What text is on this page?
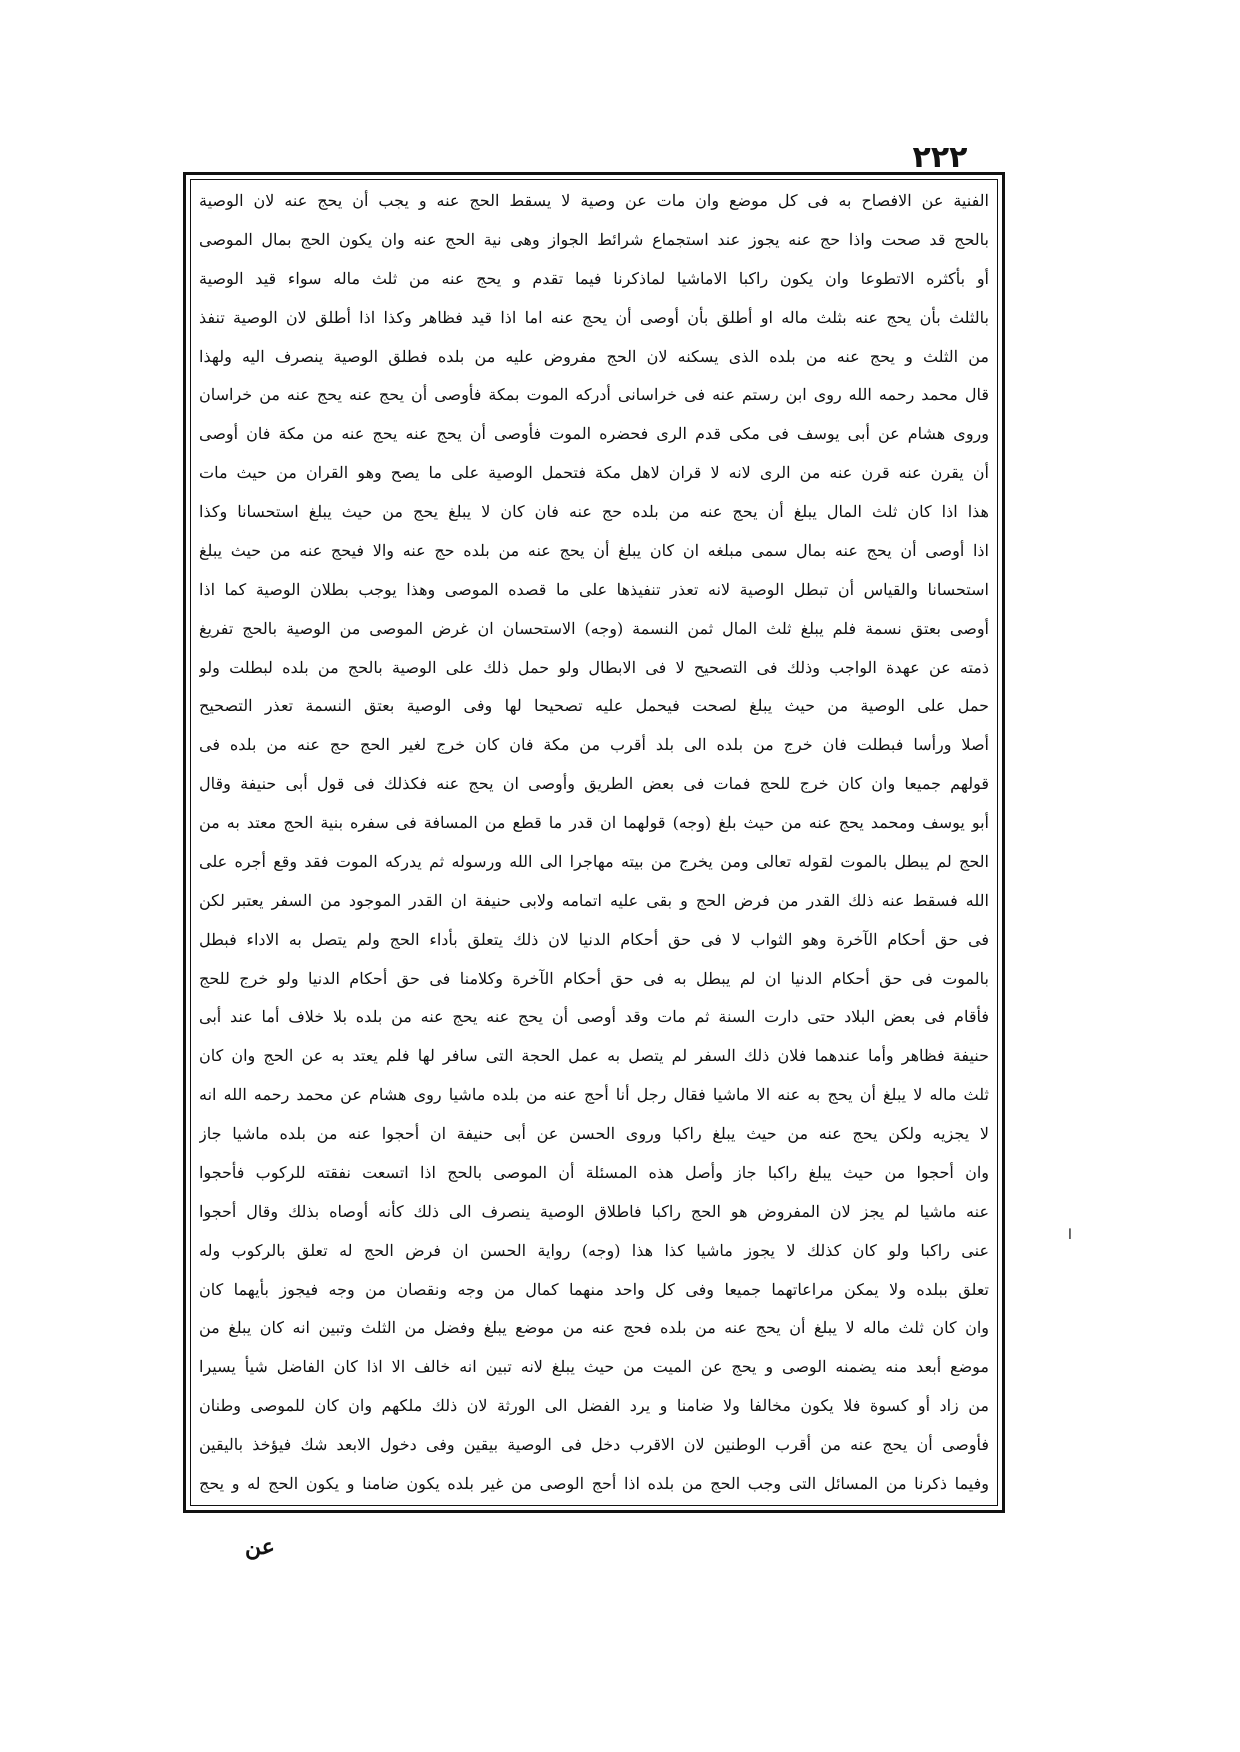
٢٢٢
الفنية عن الافصاح به فى كل موضع وان مات عن وصية لا يسقط الحج عنه و يجب أن يحج عنه لان الوصية
بالحج قد صحت واذا حج عنه يجوز عند استجماع شرائط الجواز وهى نية الحج عنه وان يكون الحج بمال الموصى
أو بأكثره الاتطوعا وان يكون راكبا الاماشيا لماذكرنا فيما تقدم و يحج عنه من ثلث ماله سواء قيد الوصية
بالثلث بأن يحج عنه بثلث ماله او أطلق بأن أوصى أن يحج عنه اما اذا قيد فظاهر وكذا اذا أطلق لان الوصية تنفذ
من الثلث و يحج عنه من بلده الذى يسكنه لان الحج مفروض عليه من بلده فطلق الوصية ينصرف اليه ولهذا
قال محمد رحمه الله روى ابن رستم عنه فى خراسانى أدركه الموت بمكة فأوصى أن يحج عنه يحج عنه من خراسان
وروى هشام عن أبى يوسف فى مكى قدم الرى فحضره الموت فأوصى أن يحج عنه يحج عنه من مكة فان أوصى
أن يقرن عنه قرن عنه من الرى لانه لا قران لاهل مكة فتحمل الوصية على ما يصح وهو القران من حيث مات
هذا اذا كان ثلث المال يبلغ أن يحج عنه من بلده حج عنه فان كان لا يبلغ يحج من حيث يبلغ استحسانا وكذا
اذا أوصى أن يحج عنه بمال سمى مبلغه ان كان يبلغ أن يحج عنه من بلده حج عنه والا فيحج عنه من حيث يبلغ
استحسانا والقياس أن تبطل الوصية لانه تعذر تنفيذها على ما قصده الموصى وهذا يوجب بطلان الوصية كما اذا
أوصى بعتق نسمة فلم يبلغ ثلث المال ثمن النسمة (وجه) الاستحسان ان غرض الموصى من الوصية بالحج تفريغ
ذمته عن عهدة الواجب وذلك فى التصحيح لا فى الابطال ولو حمل ذلك على الوصية بالحج من بلده لبطلت ولو
حمل على الوصية من حيث يبلغ لصحت فيحمل عليه تصحيحا لها وفى الوصية بعتق النسمة تعذر التصحيح
أصلا ورأسا فبطلت فان خرج من بلده الى بلد أقرب من مكة فان كان خرج لغير الحج حج عنه من بلده فى
قولهم جميعا وان كان خرج للحج فمات فى بعض الطريق وأوصى ان يحج عنه فكذلك فى قول أبى حنيفة وقال
أبو يوسف ومحمد يحج عنه من حيث بلغ (وجه) قولهما ان قدر ما قطع من المسافة فى سفره بنية الحج معتد به من
الحج لم يبطل بالموت لقوله تعالى ومن يخرج من بيته مهاجرا الى الله ورسوله ثم يدركه الموت فقد وقع أجره على
الله فسقط عنه ذلك القدر من فرض الحج و بقى عليه اتمامه ولابى حنيفة ان القدر الموجود من السفر يعتبر لكن
فى حق أحكام الآخرة وهو الثواب لا فى حق أحكام الدنيا لان ذلك يتعلق بأداء الحج ولم يتصل به الاداء فبطل
بالموت فى حق أحكام الدنيا ان لم يبطل به فى حق أحكام الآخرة وكلامنا فى حق أحكام الدنيا ولو خرج للحج
فأقام فى بعض البلاد حتى دارت السنة ثم مات وقد أوصى أن يحج عنه يحج عنه من بلده بلا خلاف أما عند أبى
حنيفة فظاهر وأما عندهما فلان ذلك السفر لم يتصل به عمل الحجة التى سافر لها فلم يعتد به عن الحج وان كان
ثلث ماله لا يبلغ أن يحج به عنه الا ماشيا فقال رجل أنا أحج عنه من بلده ماشيا روى هشام عن محمد رحمه الله انه
لا يجزيه ولكن يحج عنه من حيث يبلغ راكبا وروى الحسن عن أبى حنيفة ان أحجوا عنه من بلده ماشيا جاز
وان أحجوا من حيث يبلغ راكبا جاز وأصل هذه المسئلة أن الموصى بالحج اذا اتسعت نفقته للركوب فأحجوا
عنه ماشيا لم يجز لان المفروض هو الحج راكبا فاطلاق الوصية ينصرف الى ذلك كأنه أوصاه بذلك وقال أحجوا
عنى راكبا ولو كان كذلك لا يجوز ماشيا كذا هذا (وجه) رواية الحسن ان فرض الحج له تعلق بالركوب وله
تعلق ببلده ولا يمكن مراعاتهما جميعا وفى كل واحد منهما كمال من وجه ونقصان من وجه فيجوز بأيهما كان
وان كان ثلث ماله لا يبلغ أن يحج عنه من بلده فحج عنه من موضع يبلغ وفضل من الثلث وتبين انه كان يبلغ من
موضع أبعد منه يضمنه الوصى و يحج عن الميت من حيث يبلغ لانه تبين انه خالف الا اذا كان الفاضل شيأ يسيرا
من زاد أو كسوة فلا يكون مخالفا ولا ضامنا و يرد الفضل الى الورثة لان ذلك ملكهم وان كان للموصى وطنان
فأوصى أن يحج عنه من أقرب الوطنين لان الاقرب دخل فى الوصية بيقين وفى دخول الابعد شك فيؤخذ باليقين
وفيما ذكرنا من المسائل التى وجب الحج من بلده اذا أحج الوصى من غير بلده يكون ضامنا و يكون الحج له و يحج
ا
عن
